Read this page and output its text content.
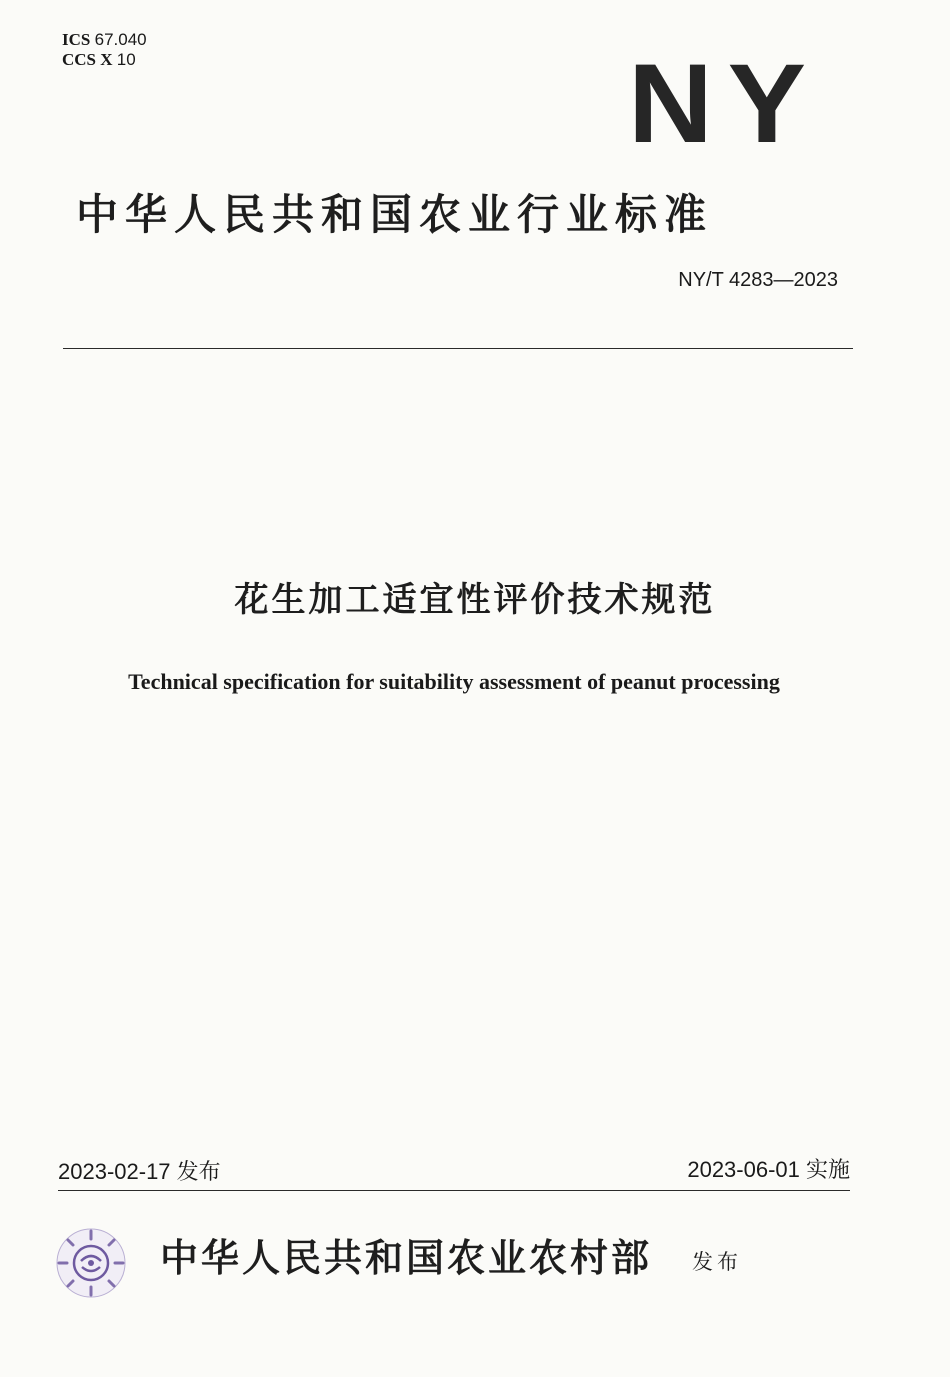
ICS 67.040
CCS X 10	NY
中华人民共和国农业行业标准
NY/T 4283—2023
花生加工适宜性评价技术规范
Technical specification for suitability assessment of peanut processing
2023-02-17 发布	2023-06-01 实施
中华人民共和国农业农村部 发布
